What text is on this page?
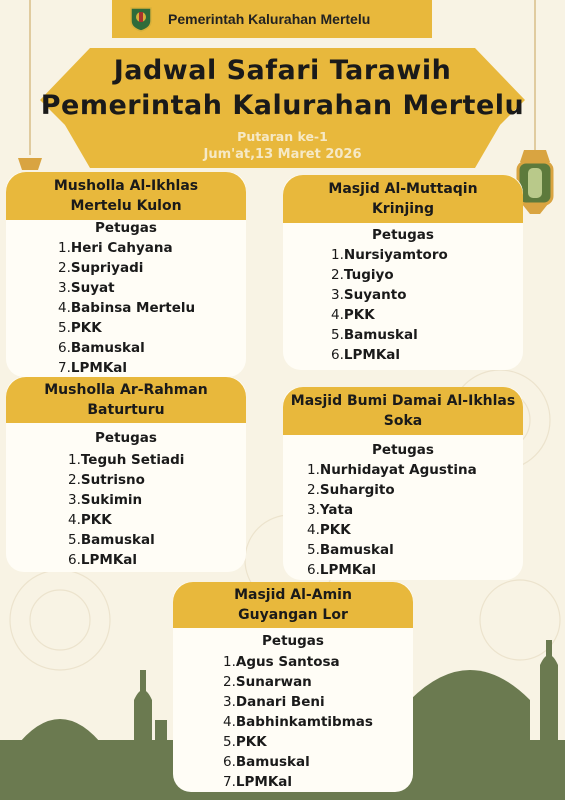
Pemerintah Kalurahan Mertelu
Jadwal Safari Tarawih
Pemerintah Kalurahan Mertelu
Putaran ke-1
Jum'at,13 Maret 2026
Musholla Al-Ikhlas
Mertelu Kulon
Petugas
1.Heri Cahyana
2.Supriyadi
3.Suyat
4.Babinsa Mertelu
5.PKK
6.Bamuskal
7.LPMKal
Masjid Al-Muttaqin
Krinjing
Petugas
1.Nursiyamtoro
2.Tugiyo
3.Suyanto
4.PKK
5.Bamuskal
6.LPMKal
Musholla Ar-Rahman
Baturturu
Petugas
1.Teguh Setiadi
2.Sutrisno
3.Sukimin
4.PKK
5.Bamuskal
6.LPMKal
Masjid Bumi Damai Al-Ikhlas
Soka
Petugas
1.Nurhidayat Agustina
2.Suhargito
3.Yata
4.PKK
5.Bamuskal
6.LPMKal
Masjid Al-Amin
Guyangan Lor
Petugas
1.Agus Santosa
2.Sunarwan
3.Danari Beni
4.Babhinkamtibmas
5.PKK
6.Bamuskal
7.LPMKal
